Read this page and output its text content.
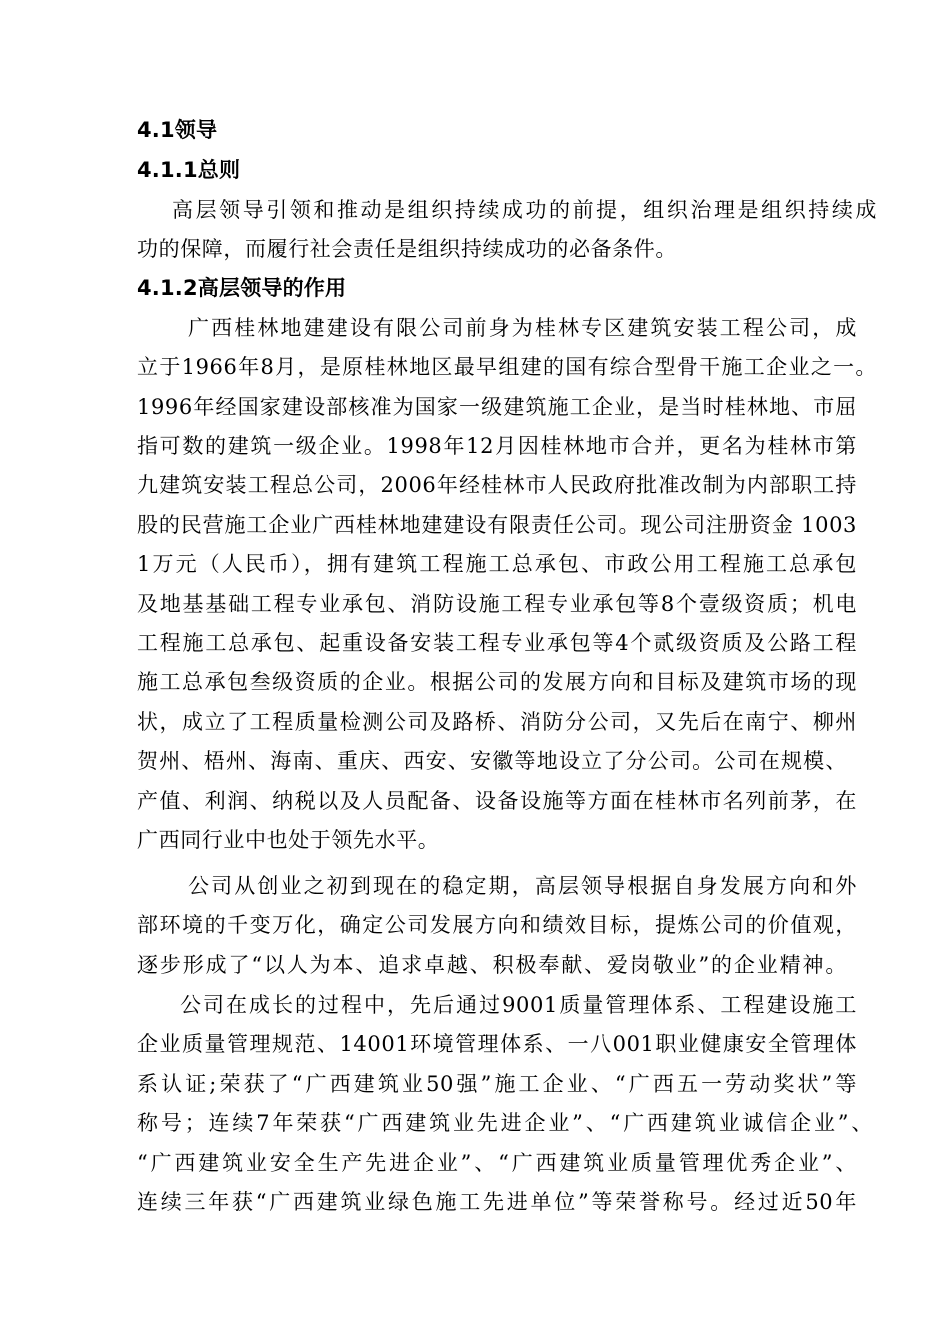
4.1领导
4.1.1总则
高层领导引领和推动是组织持续成功的前提，组织治理是组织持续成
功的保障，而履行社会责任是组织持续成功的必备条件。
4.1.2高层领导的作用
广西桂林地建建设有限公司前身为桂林专区建筑安装工程公司，成
立于1966年8月，是原桂林地区最早组建的国有综合型骨干施工企业之一。
1996年经国家建设部核准为国家一级建筑施工企业，是当时桂林地、市屈
指可数的建筑一级企业。1998年12月因桂林地市合并，更名为桂林市第
九建筑安装工程总公司，2006年经桂林市人民政府批准改制为内部职工持
股的民营施工企业广西桂林地建建设有限责任公司。现公司注册资金 1003
1万元（人民币），拥有建筑工程施工总承包、市政公用工程施工总承包
及地基基础工程专业承包、消防设施工程专业承包等8个壹级资质；机电
工程施工总承包、起重设备安装工程专业承包等4个贰级资质及公路工程
施工总承包叁级资质的企业。根据公司的发展方向和目标及建筑市场的现
状，成立了工程质量检测公司及路桥、消防分公司，又先后在南宁、柳州
贺州、梧州、海南、重庆、西安、安徽等地设立了分公司。公司在规模、
产值、利润、纳税以及人员配备、设备设施等方面在桂林市名列前茅，在
广西同行业中也处于领先水平。
公司从创业之初到现在的稳定期，高层领导根据自身发展方向和外
部环境的千变万化，确定公司发展方向和绩效目标，提炼公司的价值观，
逐步形成了“以人为本、追求卓越、积极奉献、爱岗敬业”的企业精神。
公司在成长的过程中，先后通过9001质量管理体系、工程建设施工
企业质量管理规范、14001环境管理体系、一八001职业健康安全管理体
系认证;荣获了“广西建筑业50强”施工企业、“广西五一劳动奖状”等
称号；连续7年荣获“广西建筑业先进企业”、“广西建筑业诚信企业”、
“广西建筑业安全生产先进企业”、“广西建筑业质量管理优秀企业”、
连续三年获“广西建筑业绿色施工先进单位”等荣誉称号。经过近50年
